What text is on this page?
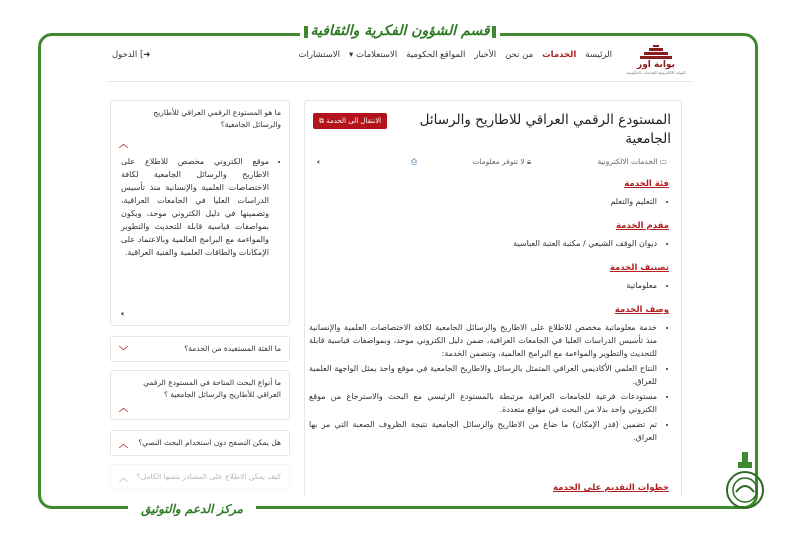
قسم الشؤون الفكرية والثقافية
مركز الدعم والتوثيق
بوابة اور
البوابة الالكترونية للخدمات الحكومية
الرئيسة
الخدمات
من نحن
الأخبار
المواقع الحكومية
الاستعلامات ▾
الاستشارات
➜] الدخول
المستودع الرقمي العراقي للاطاريح والرسائل الجامعية
الانتقال الى الخدمة ⧉
▭ الخدمات الالكترونية
🔒︎ لا تتوفر معلومات
⎙
🔈︎
فئة الخدمة
• التعليم والتعلم
مقدم الخدمة
• ديوان الوقف الشيعي / مكتبة العتبة العباسية
تصنيف الخدمة
• معلوماتية
وصف الخدمة
• خدمة معلوماتية مخصص للاطلاع على الاطاريح والرسائل الجامعية لكافة الاختصاصات العلمية والإنسانية منذ تأسيس الدراسات العليا في الجامعات العراقية، ضمن دليل الكتروني موحد، وبمواصفات قياسية قابلة للتحديث والتطوير والمواءمة مع البرامج العالمية، وتتضمن الخدمة:
• النتاج العلمي الأكاديمي العراقي المتمثل بالرسائل والاطاريح الجامعية في موقع واحد يمثل الواجهة العلمية للعراق.
• مستودعات فرعية للجامعات العراقية مرتبطة بالمستودع الرئيسي مع البحث والاسترجاع من موقع الكتروني واحد بدلا من البحث في مواقع متعددة.
• تم تضمين (قدر الإمكان) ما ضاع من الاطاريح والرسائل الجامعية نتيجة الظروف الصعبة التي مر بها العراق.
خطوات التقديم على الخدمة
ما هو المستودع الرقمي العراقي للأطاريح والرسائل الجامعية؟
︿
• موقع الكتروني مخصص للاطلاع على الاطاريح والرسائل الجامعية لكافة الاختصاصات العلمية والإنسانية منذ تأسيس الدراسات العليا في الجامعات العراقية، وتضمينها في دليل الكتروني موحد، ويكون بمواصفات قياسية قابلة للتحديث والتطوير والمواءمة مع البرامج العالمية وبالاعتماد على الإمكانات والطاقات العلمية والفنية العراقية.
🔈︎
ما الفئة المستفيدة من الخدمة؟
﹀
ما أنواع البحث المتاحة في المستودع الرقمي العراقي للأطاريح والرسائل الجامعية ؟
︿
هل يمكن التصفح دون استخدام البحث النصي؟
︿
كيف يمكن الاطلاع على المصادر بنصها الكامل؟
︿
